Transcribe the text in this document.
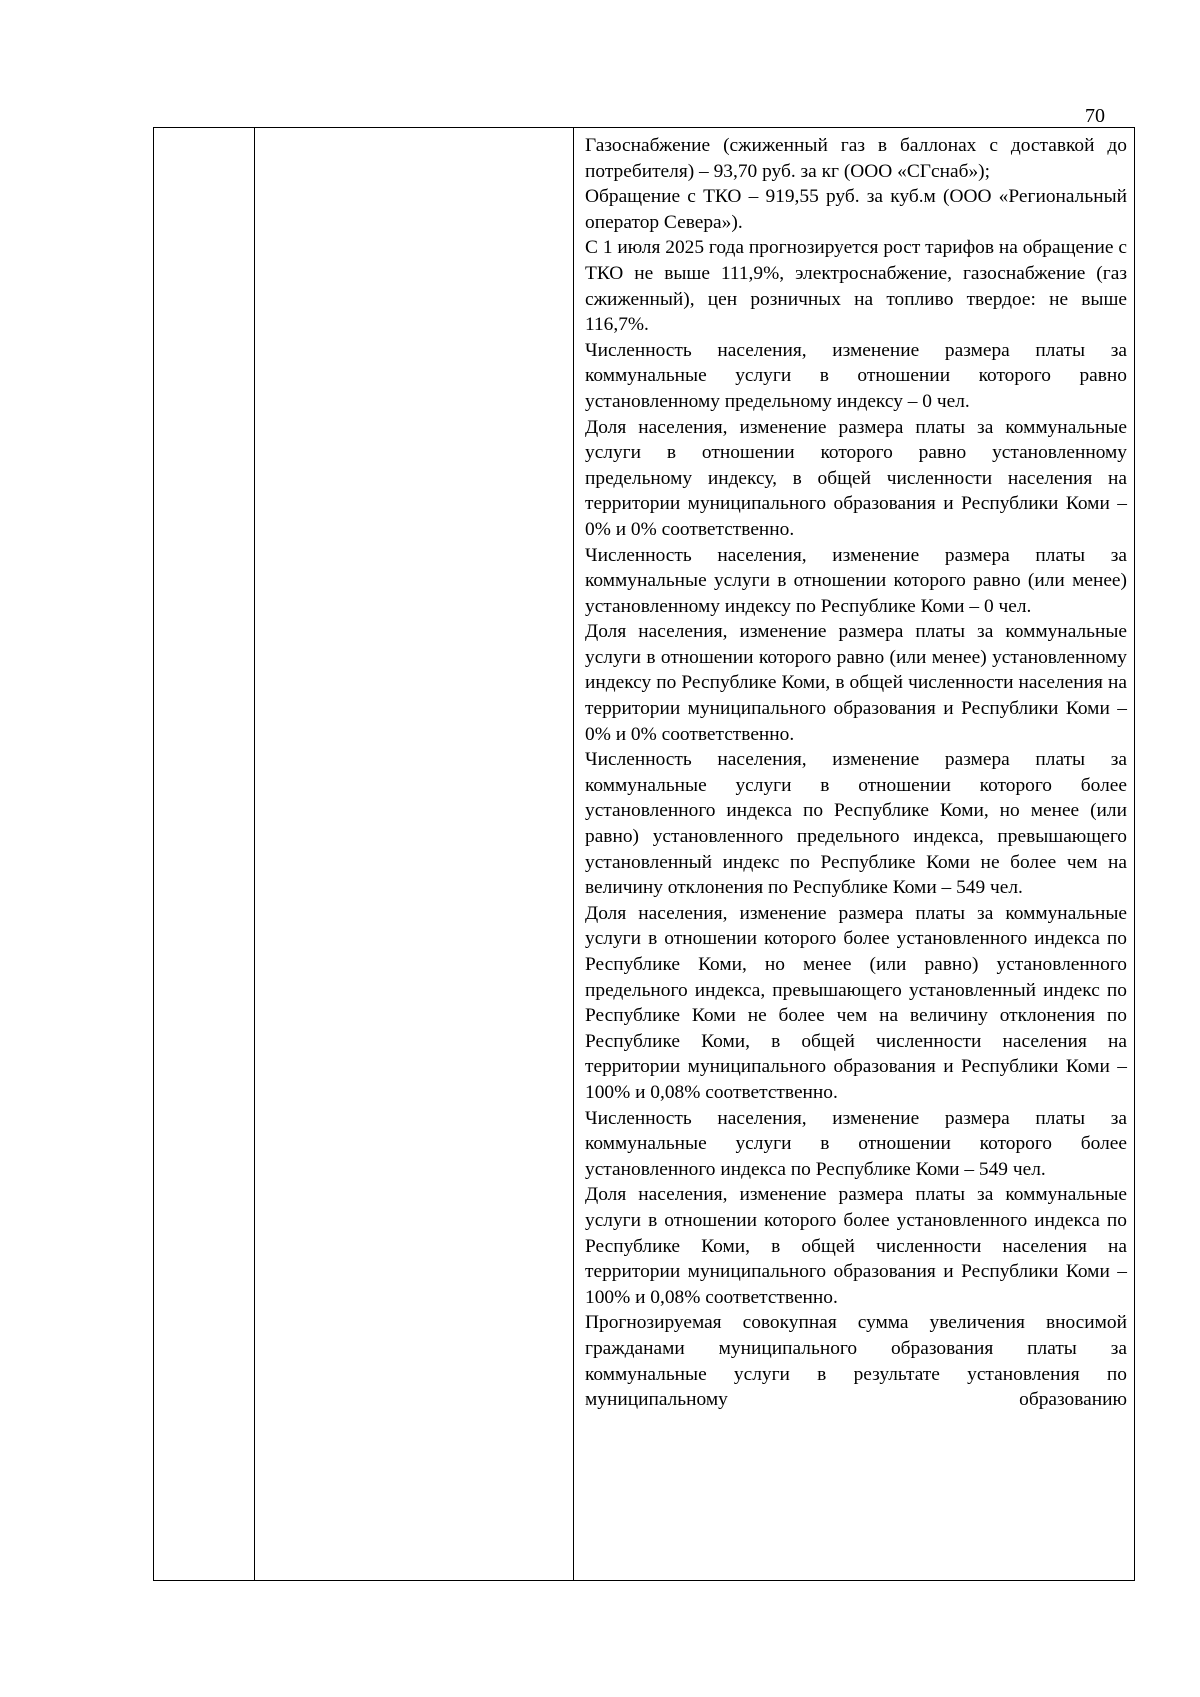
70

Газоснабжение (сжиженный газ в баллонах с доставкой до потребителя) – 93,70 руб. за кг (ООО «СГснаб»);

Обращение с ТКО – 919,55 руб. за куб.м (ООО «Региональный оператор Севера»).

С 1 июля 2025 года прогнозируется рост тарифов на обращение с ТКО не выше 111,9%, электроснабжение, газоснабжение (газ сжиженный), цен розничных на топливо твердое: не выше 116,7%.

Численность населения, изменение размера платы за коммунальные услуги в отношении которого равно установленному предельному индексу – 0 чел.

Доля населения, изменение размера платы за коммунальные услуги в отношении которого равно установленному предельному индексу, в общей численности населения на территории муниципального образования и Республики Коми – 0% и 0% соответственно.

Численность населения, изменение размера платы за коммунальные услуги в отношении которого равно (или менее) установленному индексу по Республике Коми – 0 чел.

Доля населения, изменение размера платы за коммунальные услуги в отношении которого равно (или менее) установленному индексу по Республике Коми, в общей численности населения на территории муниципального образования и Республики Коми – 0% и 0% соответственно.

Численность населения, изменение размера платы за коммунальные услуги в отношении которого более установленного индекса по Республике Коми, но менее (или равно) установленного предельного индекса, превышающего установленный индекс по Республике Коми не более чем на величину отклонения по Республике Коми – 549 чел.

Доля населения, изменение размера платы за коммунальные услуги в отношении которого более установленного индекса по Республике Коми, но менее (или равно) установленного предельного индекса, превышающего установленный индекс по Республике Коми не более чем на величину отклонения по Республике Коми, в общей численности населения на территории муниципального образования и Республики Коми – 100% и 0,08% соответственно.

Численность населения, изменение размера платы за коммунальные услуги в отношении которого более установленного индекса по Республике Коми – 549 чел.

Доля населения, изменение размера платы за коммунальные услуги в отношении которого более установленного индекса по Республике Коми, в общей численности населения на территории муниципального образования и Республики Коми – 100% и 0,08% соответственно.

Прогнозируемая совокупная сумма увеличения вносимой гражданами муниципального образования платы за коммунальные услуги в результате установления по муниципальному образованию
